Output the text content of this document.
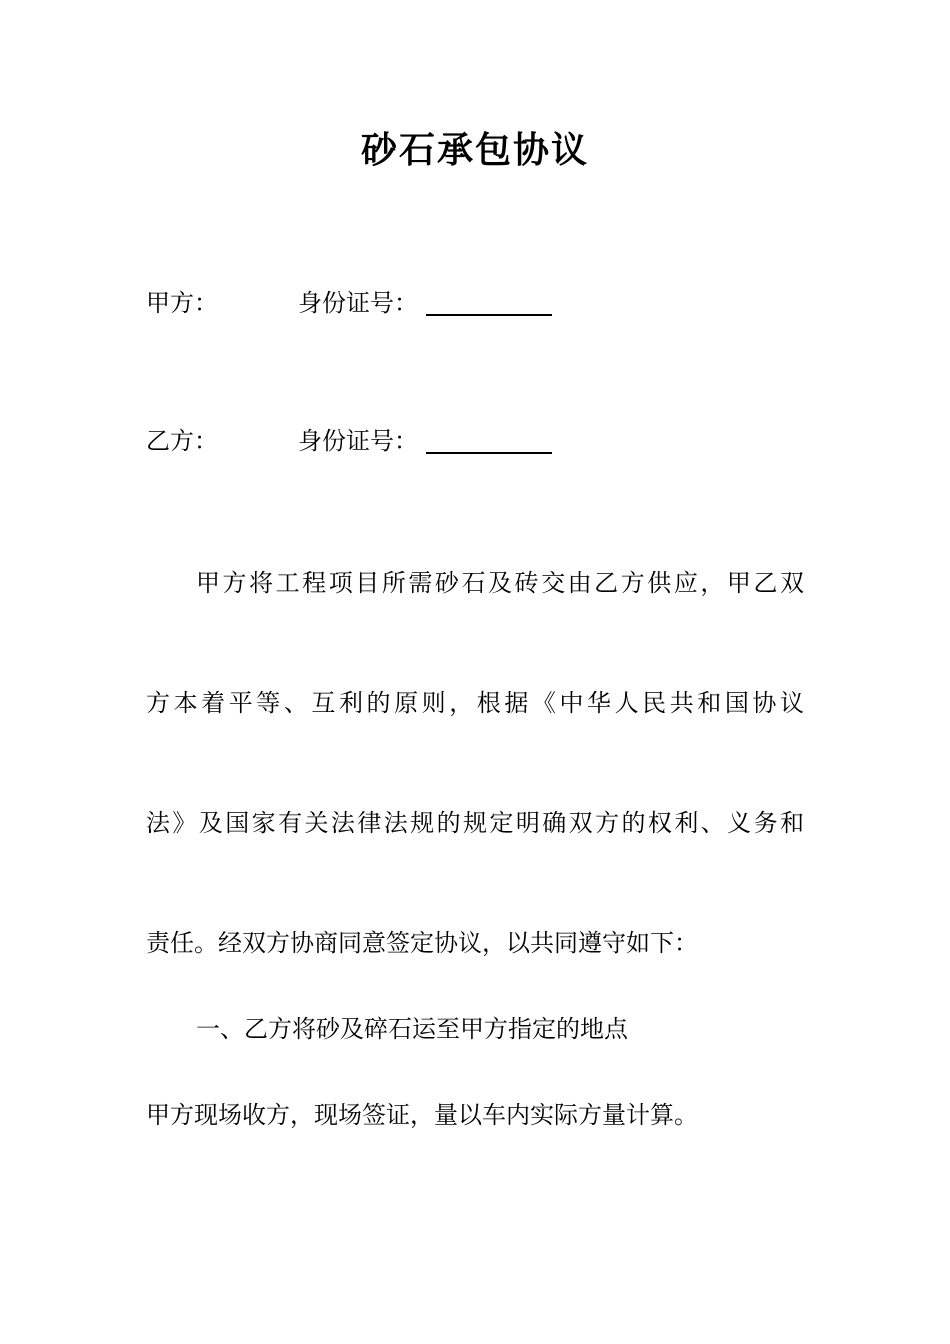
砂石承包协议
甲方：	身份证号：
乙方：	身份证号：
甲方将工程项目所需砂石及砖交由乙方供应，甲乙双
方本着平等、互利的原则，根据《中华人民共和国协议
法》及国家有关法律法规的规定明确双方的权利、义务和
责任。经双方协商同意签定协议，以共同遵守如下：
一、乙方将砂及碎石运至甲方指定的地点
甲方现场收方，现场签证，量以车内实际方量计算。
